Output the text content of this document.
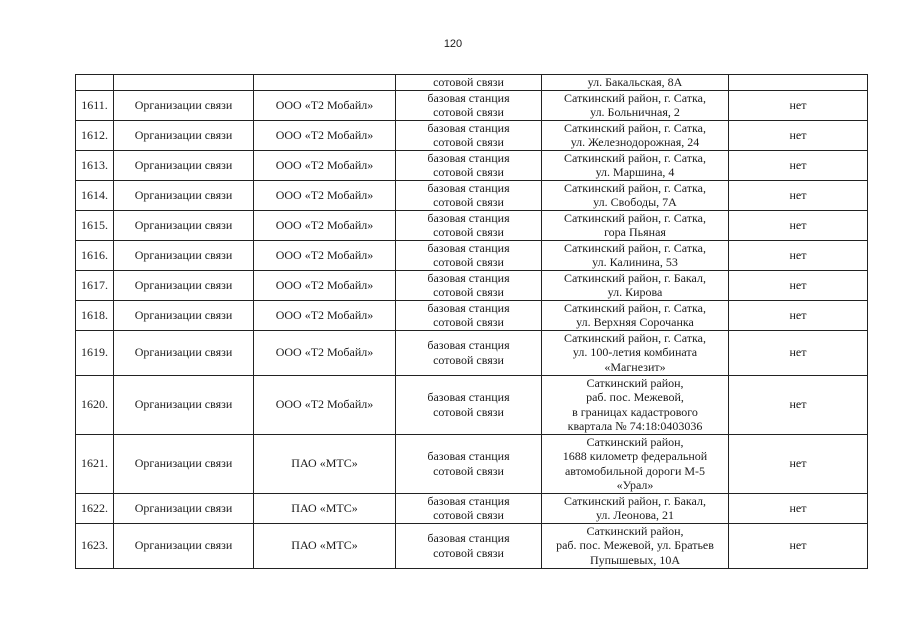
120
			сотовой связи	ул. Бакальская, 8А	
1611.	Организации связи	ООО «Т2 Мобайл»	базовая станция
сотовой связи	Саткинский район, г. Сатка,
ул. Больничная, 2	нет
1612.	Организации связи	ООО «Т2 Мобайл»	базовая станция
сотовой связи	Саткинский район, г. Сатка,
ул. Железнодорожная, 24	нет
1613.	Организации связи	ООО «Т2 Мобайл»	базовая станция
сотовой связи	Саткинский район, г. Сатка,
ул. Маршина, 4	нет
1614.	Организации связи	ООО «Т2 Мобайл»	базовая станция
сотовой связи	Саткинский район, г. Сатка,
ул. Свободы, 7А	нет
1615.	Организации связи	ООО «Т2 Мобайл»	базовая станция
сотовой связи	Саткинский район, г. Сатка,
гора Пьяная	нет
1616.	Организации связи	ООО «Т2 Мобайл»	базовая станция
сотовой связи	Саткинский район, г. Сатка,
ул. Калинина, 53	нет
1617.	Организации связи	ООО «Т2 Мобайл»	базовая станция
сотовой связи	Саткинский район, г. Бакал,
ул. Кирова	нет
1618.	Организации связи	ООО «Т2 Мобайл»	базовая станция
сотовой связи	Саткинский район, г. Сатка,
ул. Верхняя Сорочанка	нет
1619.	Организации связи	ООО «Т2 Мобайл»	базовая станция
сотовой связи	Саткинский район, г. Сатка,
ул. 100-летия комбината
«Магнезит»	нет
1620.	Организации связи	ООО «Т2 Мобайл»	базовая станция
сотовой связи	Саткинский район,
раб. пос. Межевой,
в границах кадастрового
квартала № 74:18:0403036	нет
1621.	Организации связи	ПАО «МТС»	базовая станция
сотовой связи	Саткинский район,
1688 километр федеральной
автомобильной дороги М-5
«Урал»	нет
1622.	Организации связи	ПАО «МТС»	базовая станция
сотовой связи	Саткинский район, г. Бакал,
ул. Леонова, 21	нет
1623.	Организации связи	ПАО «МТС»	базовая станция
сотовой связи	Саткинский район,
раб. пос. Межевой, ул. Братьев
Пупышевых, 10А	нет
